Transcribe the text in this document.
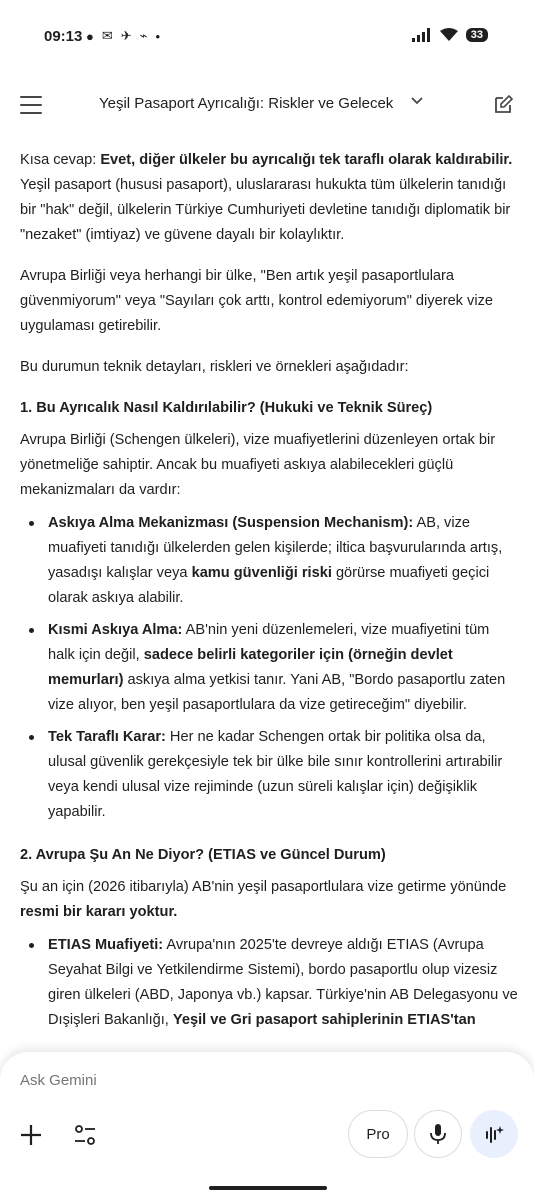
09:13 ● ✉ ✈ ⌁ •	33
Yeşil Pasaport Ayrıcalığı: Riskler ve Gelecek

Kısa cevap: Evet, diğer ülkeler bu ayrıcalığı tek taraflı olarak kaldırabilir. Yeşil pasaport (hususi pasaport), uluslararası hukukta tüm ülkelerin tanıdığı bir "hak" değil, ülkelerin Türkiye Cumhuriyeti devletine tanıdığı diplomatik bir "nezaket" (imtiyaz) ve güvene dayalı bir kolaylıktır.

Avrupa Birliği veya herhangi bir ülke, "Ben artık yeşil pasaportlulara güvenmiyorum" veya "Sayıları çok arttı, kontrol edemiyorum" diyerek vize uygulaması getirebilir.

Bu durumun teknik detayları, riskleri ve örnekleri aşağıdadır:

1. Bu Ayrıcalık Nasıl Kaldırılabilir? (Hukuki ve Teknik Süreç)

Avrupa Birliği (Schengen ülkeleri), vize muafiyetlerini düzenleyen ortak bir yönetmeliğe sahiptir. Ancak bu muafiyeti askıya alabilecekleri güçlü mekanizmaları da vardır:

Askıya Alma Mekanizması (Suspension Mechanism): AB, vize muafiyeti tanıdığı ülkelerden gelen kişilerde; iltica başvurularında artış, yasadışı kalışlar veya kamu güvenliği riski görürse muafiyeti geçici olarak askıya alabilir.
Kısmi Askıya Alma: AB'nin yeni düzenlemeleri, vize muafiyetini tüm halk için değil, sadece belirli kategoriler için (örneğin devlet memurları) askıya alma yetkisi tanır. Yani AB, "Bordo pasaportlu zaten vize alıyor, ben yeşil pasaportlulara da vize getireceğim" diyebilir.
Tek Taraflı Karar: Her ne kadar Schengen ortak bir politika olsa da, ulusal güvenlik gerekçesiyle tek bir ülke bile sınır kontrollerini artırabilir veya kendi ulusal vize rejiminde (uzun süreli kalışlar için) değişiklik yapabilir.
2. Avrupa Şu An Ne Diyor? (ETIAS ve Güncel Durum)

Şu an için (2026 itibarıyla) AB'nin yeşil pasaportlulara vize getirme yönünde resmi bir kararı yoktur.

ETIAS Muafiyeti: Avrupa'nın 2025'te devreye aldığı ETIAS (Avrupa Seyahat Bilgi ve Yetkilendirme Sistemi), bordo pasaportlu olup vizesiz giren ülkeleri (ABD, Japonya vb.) kapsar. Türkiye'nin AB Delegasyonu ve Dışişleri Bakanlığı, Yeşil ve Gri pasaport sahiplerinin ETIAS'tan
Ask Gemini
Pro
